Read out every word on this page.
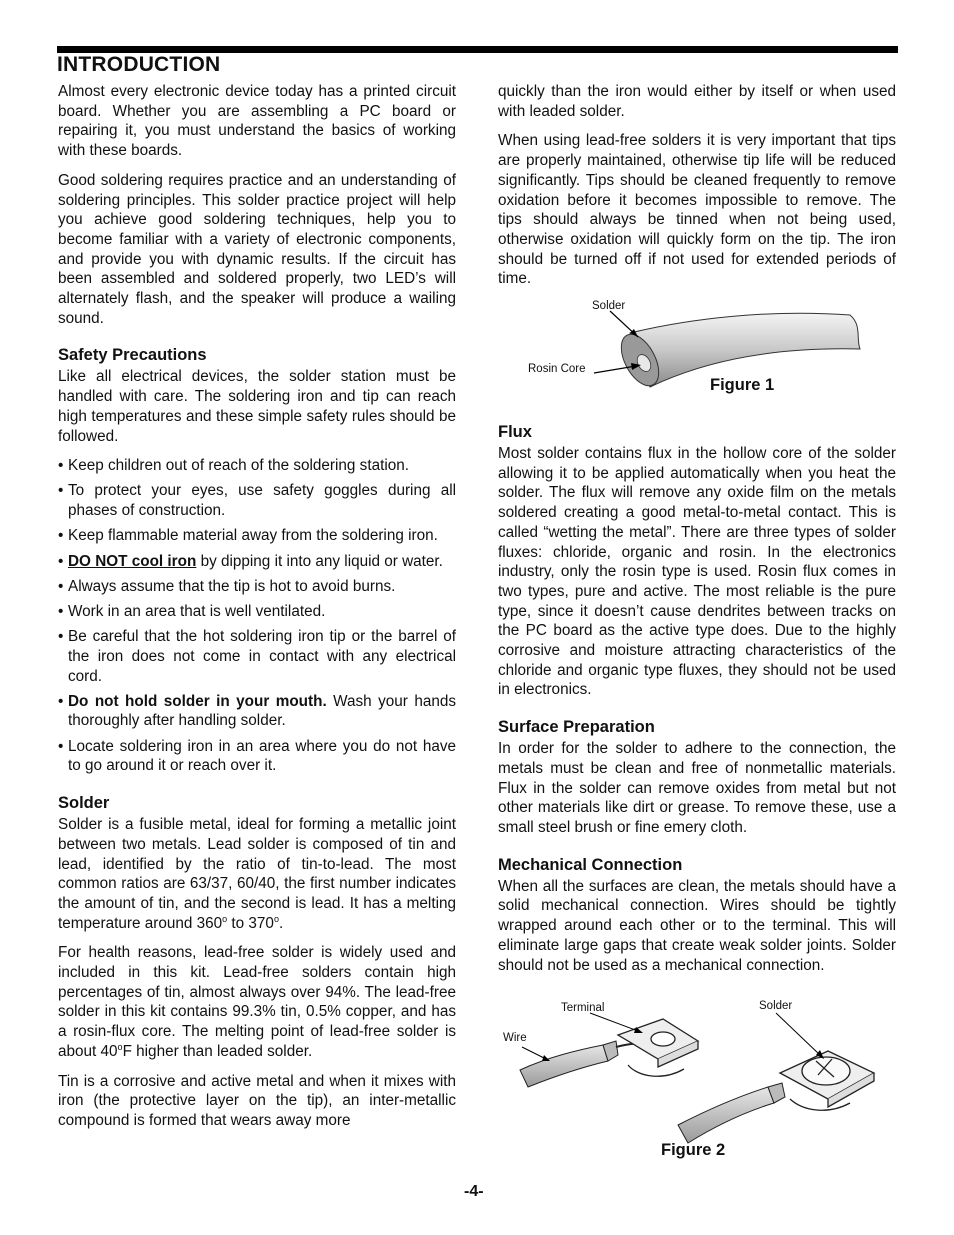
INTRODUCTION

Almost every electronic device today has a printed circuit board. Whether you are assembling a PC board or repairing it, you must understand the basics of working with these boards.

Good soldering requires practice and an understanding of soldering principles. This solder practice project will help you achieve good soldering techniques, help you to become familiar with a variety of electronic components, and provide you with dynamic results. If the circuit has been assembled and soldered properly, two LED’s will alternately flash, and the speaker will produce a wailing sound.

Safety Precautions

Like all electrical devices, the solder station must be handled with care. The soldering iron and tip can reach high temperatures and these simple safety rules should be followed.

• Keep children out of reach of the soldering station.
• To protect your eyes, use safety goggles during all phases of construction.
• Keep flammable material away from the soldering iron.
• DO NOT cool iron by dipping it into any liquid or water.
• Always assume that the tip is hot to avoid burns.
• Work in an area that is well ventilated.
• Be careful that the hot soldering iron tip or the barrel of the iron does not come in contact with any electrical cord.
• Do not hold solder in your mouth. Wash your hands thoroughly after handling solder.
• Locate soldering iron in an area where you do not have to go around it or reach over it.
Solder

Solder is a fusible metal, ideal for forming a metallic joint between two metals. Lead solder is composed of tin and lead, identified by the ratio of tin-to-lead. The most common ratios are 63/37, 60/40, the first number indicates the amount of tin, and the second is lead. It has a melting temperature around 360$^o$ to 370$^o$.

For health reasons, lead-free solder is widely used and included in this kit. Lead-free solders contain high percentages of tin, almost always over 94%. The lead-free solder in this kit contains 99.3% tin, 0.5% copper, and has a rosin-flux core. The melting point of lead-free solder is about 40$^o$F higher than leaded solder.

Tin is a corrosive and active metal and when it mixes with iron (the protective layer on the tip), an inter-metallic compound is formed that wears away more

quickly than the iron would either by itself or when used with leaded solder.

When using lead-free solders it is very important that tips are properly maintained, otherwise tip life will be reduced significantly. Tips should be cleaned frequently to remove oxidation before it becomes impossible to remove. The tips should always be tinned when not being used, otherwise oxidation will quickly form on the tip. The iron should be turned off if not used for extended periods of time.

Solder
Rosin Core
Figure 1
Flux

Most solder contains flux in the hollow core of the solder allowing it to be applied automatically when you heat the solder. The flux will remove any oxide film on the metals soldered creating a good metal-to-metal contact. This is called “wetting the metal”. There are three types of solder fluxes: chloride, organic and rosin. In the electronics industry, only the rosin type is used. Rosin flux comes in two types, pure and active. The most reliable is the pure type, since it doesn’t cause dendrites between tracks on the PC board as the active type does. Due to the highly corrosive and moisture attracting characteristics of the chloride and organic type fluxes, they should not be used in electronics.

Surface Preparation

In order for the solder to adhere to the connection, the metals must be clean and free of nonmetallic materials. Flux in the solder can remove oxides from metal but not other materials like dirt or grease. To remove these, use a small steel brush or fine emery cloth.

Mechanical Connection

When all the surfaces are clean, the metals should have a solid mechanical connection. Wires should be tightly wrapped around each other or to the terminal. This will eliminate large gaps that create weak solder joints. Solder should not be used as a mechanical connection.

Terminal	Solder
Wire
Figure 2
-4-
